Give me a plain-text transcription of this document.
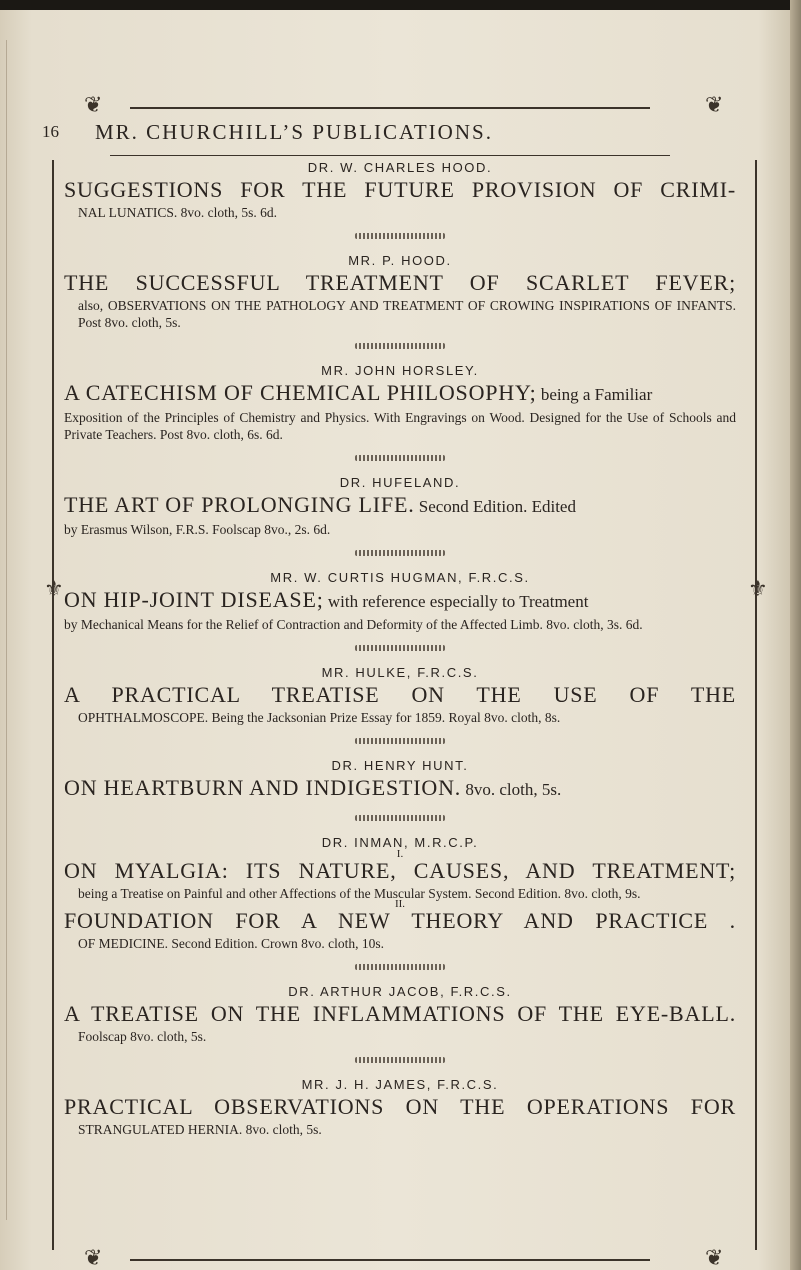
❦	❦
❦	❦
⚜	⚜
16 MR. CHURCHILL’S PUBLICATIONS.
DR. W. CHARLES HOOD.
SUGGESTIONS FOR THE FUTURE PROVISION OF CRIMI-
NAL LUNATICS. 8vo. cloth, 5s. 6d.
MR. P. HOOD.
THE SUCCESSFUL TREATMENT OF SCARLET FEVER;
also, OBSERVATIONS ON THE PATHOLOGY AND TREATMENT OF CROWING INSPIRATIONS OF INFANTS. Post 8vo. cloth, 5s.
MR. JOHN HORSLEY.
A CATECHISM OF CHEMICAL PHILOSOPHY; being a Familiar
Exposition of the Principles of Chemistry and Physics. With Engravings on Wood. Designed for the Use of Schools and Private Teachers. Post 8vo. cloth, 6s. 6d.
DR. HUFELAND.
THE ART OF PROLONGING LIFE. Second Edition. Edited
by Erasmus Wilson, F.R.S. Foolscap 8vo., 2s. 6d.
MR. W. CURTIS HUGMAN, F.R.C.S.
ON HIP-JOINT DISEASE; with reference especially to Treatment
by Mechanical Means for the Relief of Contraction and Deformity of the Affected Limb. 8vo. cloth, 3s. 6d.
MR. HULKE, F.R.C.S.
A PRACTICAL TREATISE ON THE USE OF THE
OPHTHALMOSCOPE. Being the Jacksonian Prize Essay for 1859. Royal 8vo. cloth, 8s.
DR. HENRY HUNT.
ON HEARTBURN AND INDIGESTION. 8vo. cloth, 5s.
DR. INMAN, M.R.C.P.
I.
ON MYALGIA: ITS NATURE, CAUSES, AND TREATMENT;
being a Treatise on Painful and other Affections of the Muscular System. Second Edition. 8vo. cloth, 9s.
II.
FOUNDATION FOR A NEW THEORY AND PRACTICE .
OF MEDICINE. Second Edition. Crown 8vo. cloth, 10s.
DR. ARTHUR JACOB, F.R.C.S.
A TREATISE ON THE INFLAMMATIONS OF THE EYE-BALL.
Foolscap 8vo. cloth, 5s.
MR. J. H. JAMES, F.R.C.S.
PRACTICAL OBSERVATIONS ON THE OPERATIONS FOR
STRANGULATED HERNIA. 8vo. cloth, 5s.
